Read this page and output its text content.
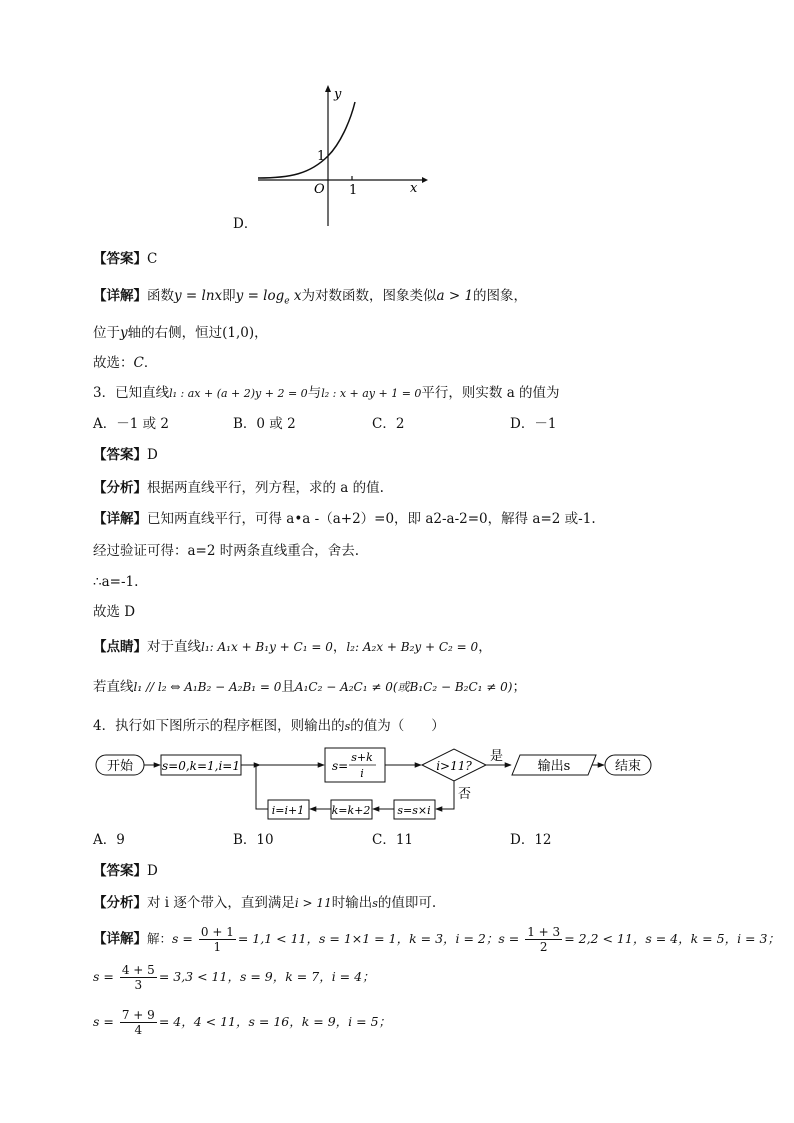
y
x
O 1
1
D．
【答案】C
【详解】函数y = lnx即$y = \log_e x$为对数函数，图象类似a > 1的图象，
位于y轴的右侧，恒过(1,0)，
故选：C．
3．已知直线l₁ : ax + (a + 2)y + 2 = 0与l₂ : x + ay + 1 = 0平行，则实数 a 的值为
A．－1 或 2	B．0 或 2	C．2	D．－1
【答案】D
【分析】根据两直线平行，列方程，求的 a 的值.
【详解】已知两直线平行，可得 a•a -（a+2）=0，即 a2-a-2=0，解得 a=2 或-1.
经过验证可得：a=2 时两条直线重合，舍去.
∴a=-1.
故选 D
【点睛】对于直线l₁: A₁x + B₁y + C₁ = 0，l₂: A₂x + B₂y + C₂ = 0，
若直线l₁ // l₂ ⇔ A₁B₂ − A₂B₁ = 0且A₁C₂ − A₂C₁ ≠ 0(或B₁C₂ − B₂C₁ ≠ 0)；
4．执行如下图所示的程序框图，则输出的s的值为（　　）
开始 s=0,k=1,i=1	s=
s+k
i
i>11?
是
输出s	结束
否
s=s×i
k=k+2
i=i+1
A．9	B．10	C．11	D．12
【答案】D
【分析】对 i 逐个带入，直到满足i > 11时输出s的值即可.
【详解】解：$s = \frac{0 + 1}{1} = 1,1 < 11$，s = 1×1 = 1，k = 3，i = 2；$s = \frac{1 + 3}{2} = 2,2 < 11$，s = 4，k = 5，i = 3；
$s = \frac{4 + 5}{3} = 3,3 < 11$，s = 9，k = 7，i = 4；
$s = \frac{7 + 9}{4} = 4$，4 < 11，s = 16，k = 9，i = 5；
